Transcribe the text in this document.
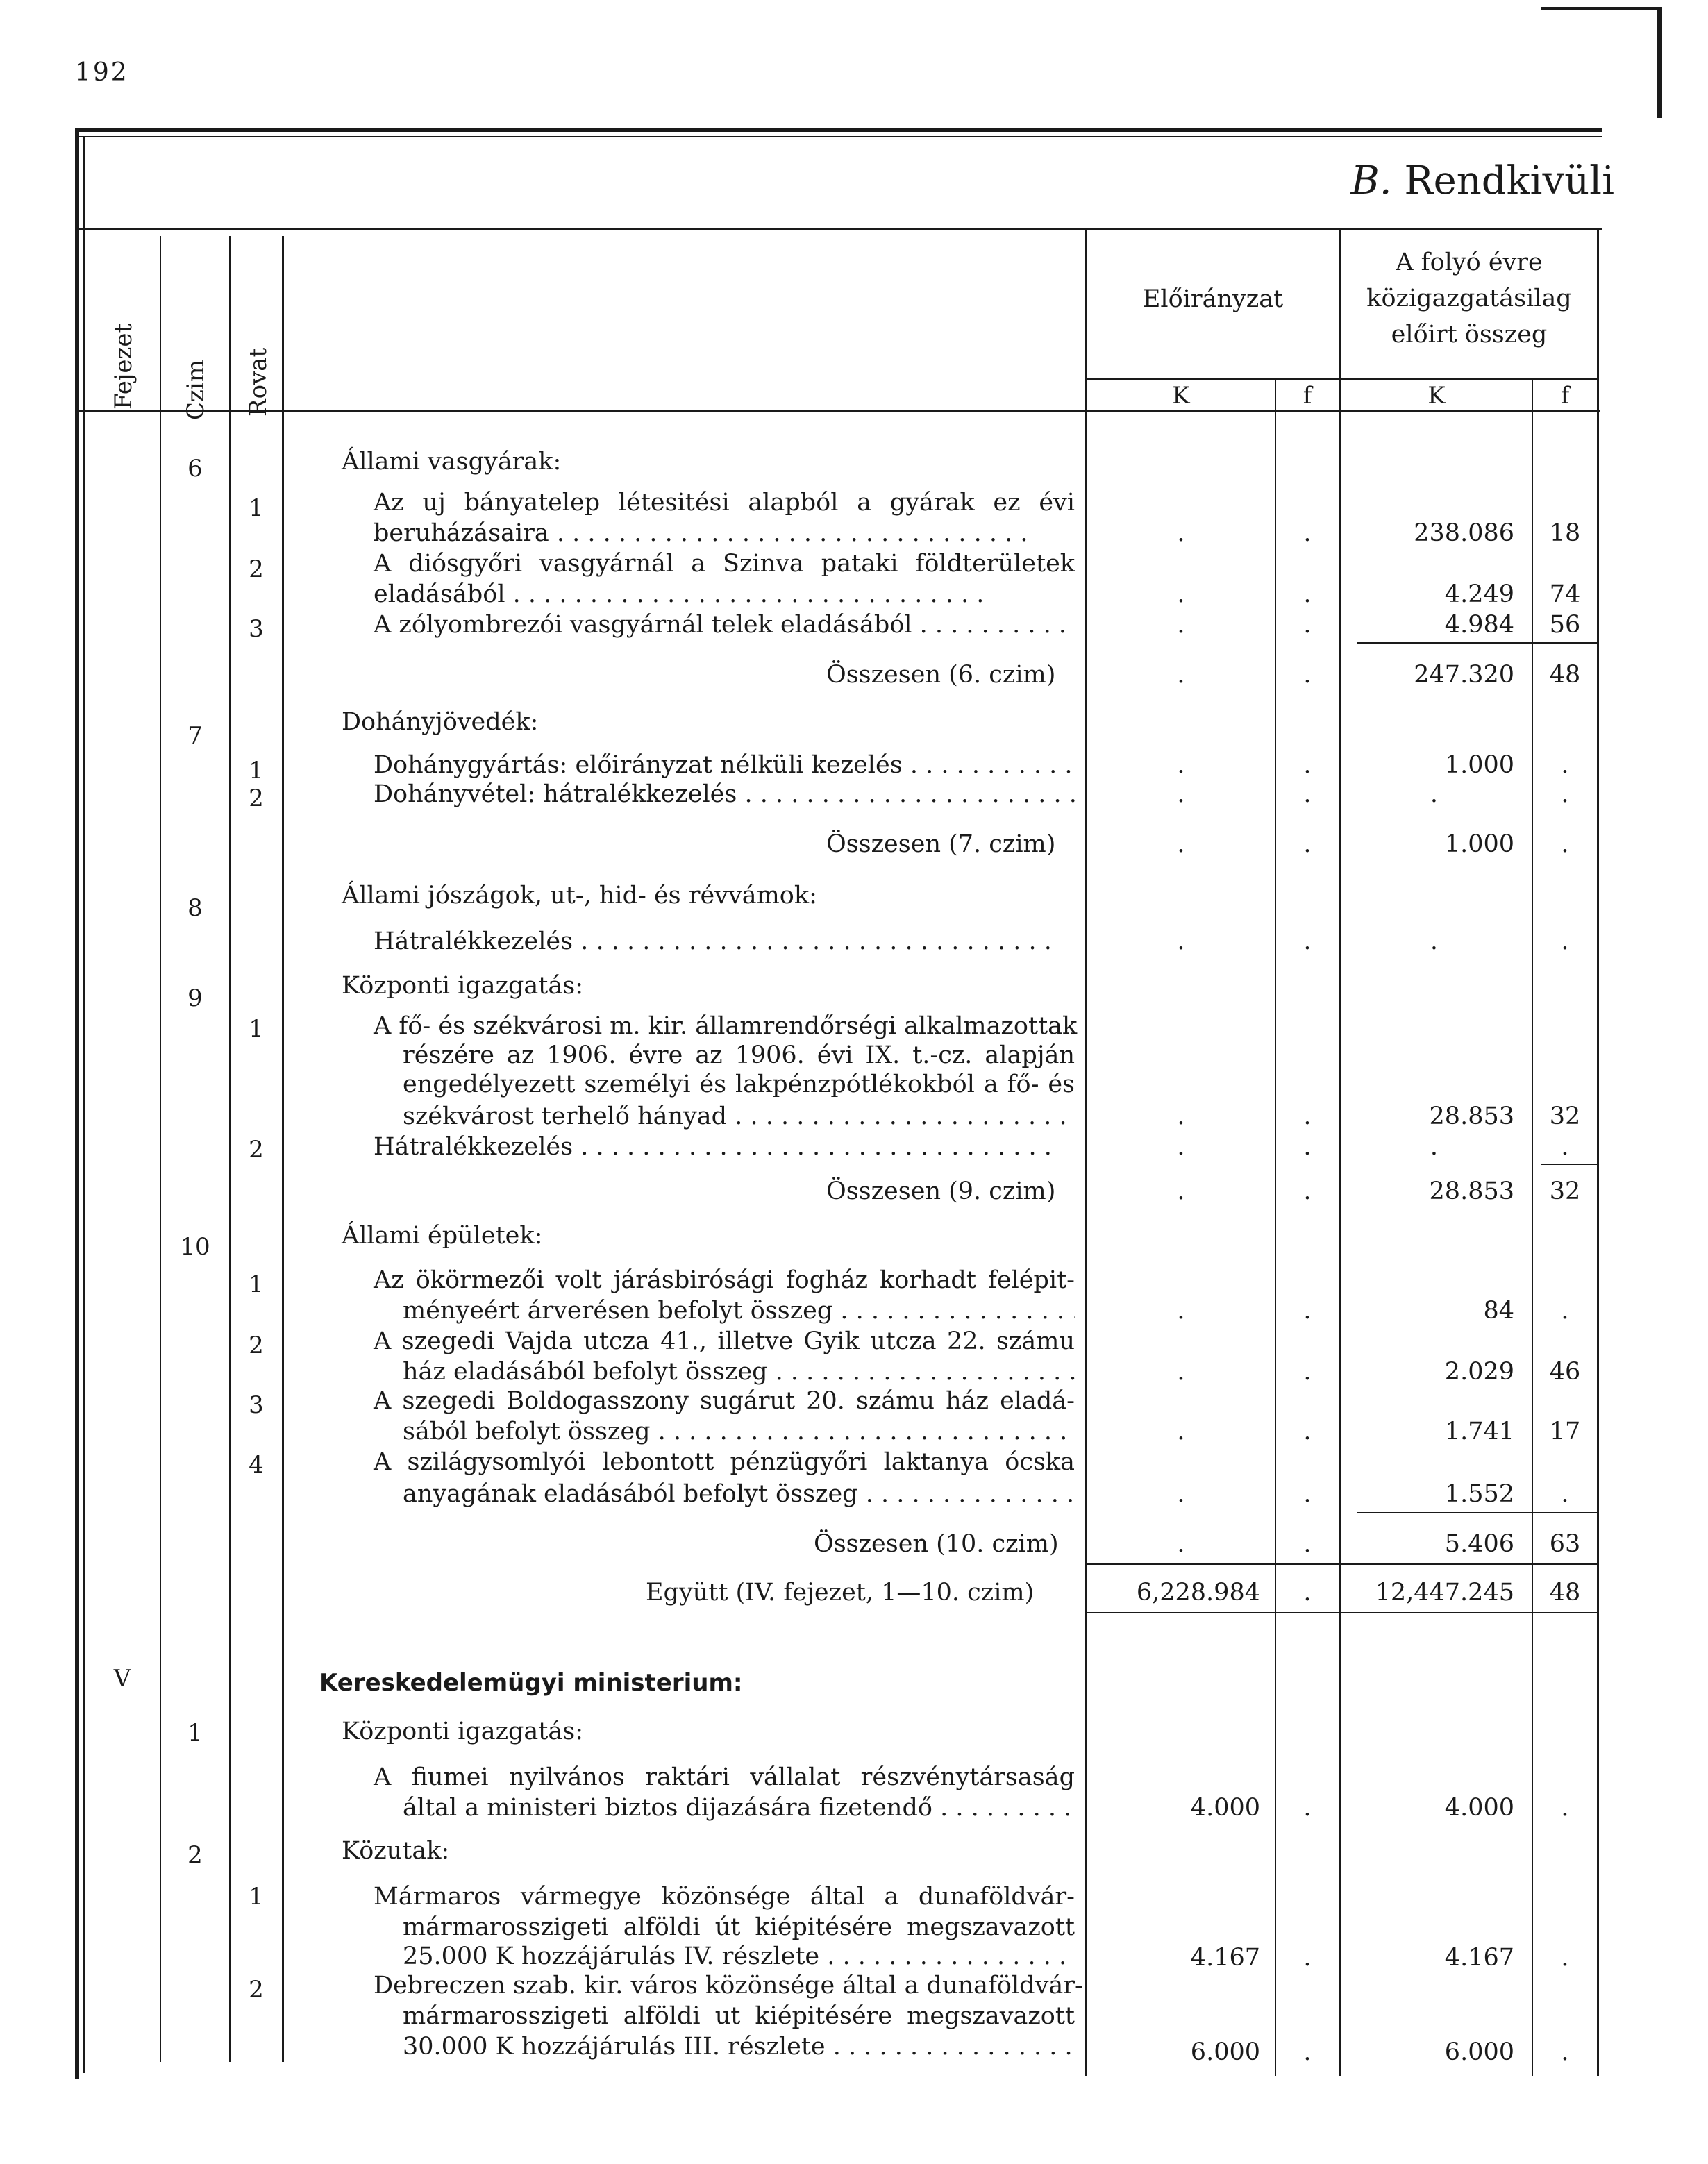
192
B. Rendkivüli
Fejezet Czim Rovat
Előirányzat
A folyó évre
közigazgatásilag
előirt összeg
K	f	K	f
6	Állami vasgyárak:
1	Az uj bányatelep létesitési alapból a gyárak ez évi
beruházásaira . . .	.	.	238.086	18
2	A diósgyőri vasgyárnál a Szinva pataki földterületek
eladásából . . .	.	.	4.249	74
3	A zólyombrezói vasgyárnál telek eladásából . . .	.	.	4.984	56
Összesen (6. czim)	.	.	247.320	48
7	Dohányjövedék:
1	Dohánygyártás: előirányzat nélküli kezelés . . .	.	.	1.000	.
2	Dohányvétel: hátralékkezelés . . .	.	.	.	.
Összesen (7. czim)	.	.	1.000	.
8	Állami jószágok, ut-, hid- és révvámok:
Hátralékkezelés . . .	.	.	.	.
9	Központi igazgatás:
1	A fő- és székvárosi m. kir. államrendőrségi alkalmazottak
részére az 1906. évre az 1906. évi IX. t.-cz. alapján
engedélyezett személyi és lakpénzpótlékokból a fő- és
székvárost terhelő hányad . . .	.	.	28.853	32
2	Hátralékkezelés . . .	.	.	.	.
Összesen (9. czim)	.	.	28.853	32
10	Állami épületek:
1	Az ökörmezői volt járásbirósági fogház korhadt felépit-
ményeért árverésen befolyt összeg . . .	.	.	84	.
2	A szegedi Vajda utcza 41., illetve Gyik utcza 22. számu
ház eladásából befolyt összeg . . .	.	.	2.029	46
3	A szegedi Boldogasszony sugárut 20. számu ház eladá-
sából befolyt összeg . . .	.	.	1.741	17
4	A szilágysomlyói lebontott pénzügyőri laktanya ócska
anyagának eladásából befolyt összeg . . .	.	.	1.552	.
Összesen (10. czim)	.	.	5.406	63
Együtt (IV. fejezet, 1—10. czim)	6,228.984	.	12,447.245	48
V	Kereskedelemügyi ministerium:
1	Központi igazgatás:
A fiumei nyilvános raktári vállalat részvénytársaság
által a ministeri biztos dijazására fizetendő . . .	4.000	.	4.000	.
2	Közutak:
1	Mármaros vármegye közönsége által a dunaföldvár-
mármarosszigeti alföldi út kiépitésére megszavazott
25.000 K hozzájárulás IV. részlete . . .	4.167	.	4.167	.
2	Debreczen szab. kir. város közönsége által a dunaföldvár-
mármarosszigeti alföldi ut kiépitésére megszavazott
30.000 K hozzájárulás III. részlete . . .	6.000	.	6.000	.
